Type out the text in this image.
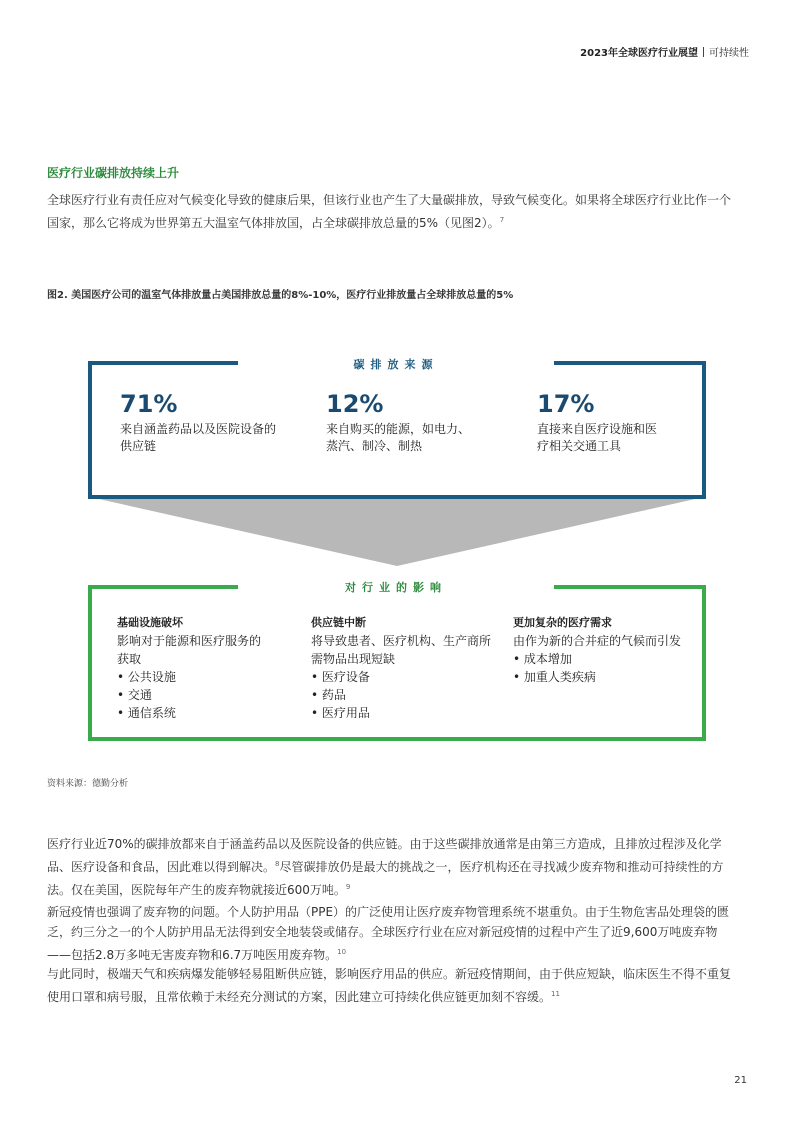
2023年全球医疗行业展望 可持续性
医疗行业碳排放持续上升

全球医疗行业有责任应对气候变化导致的健康后果，但该行业也产生了大量碳排放，导致气候变化。如果将全球医疗行业比作一个国家，那么它将成为世界第五大温室气体排放国，占全球碳排放总量的5%（见图2）。$^7$

图2. 美国医疗公司的温室气体排放量占美国排放总量的8%-10%，医疗行业排放量占全球排放总量的5%
碳排放来源
71%
来自涵盖药品以及医院设备的供应链
12%
来自购买的能源，如电力、蒸汽、制冷、制热
17%
直接来自医疗设施和医疗相关交通工具
对行业的影响
基础设施破坏
影响对于能源和医疗服务的获取
• 公共设施
• 交通
• 通信系统
供应链中断
将导致患者、医疗机构、生产商所需物品出现短缺
• 医疗设备
• 药品
• 医疗用品
更加复杂的医疗需求
由作为新的合并症的气候而引发
• 成本增加
• 加重人类疾病
资料来源：德勤分析

医疗行业近70%的碳排放都来自于涵盖药品以及医院设备的供应链。由于这些碳排放通常是由第三方造成，且排放过程涉及化学品、医疗设备和食品，因此难以得到解决。$^8$尽管碳排放仍是最大的挑战之一，医疗机构还在寻找减少废弃物和推动可持续性的方法。仅在美国，医院每年产生的废弃物就接近600万吨。$^9$

新冠疫情也强调了废弃物的问题。个人防护用品（PPE）的广泛使用让医疗废弃物管理系统不堪重负。由于生物危害品处理袋的匮乏，约三分之一的个人防护用品无法得到安全地装袋或储存。全球医疗行业在应对新冠疫情的过程中产生了近9,600万吨废弃物——包括2.8万多吨无害废弃物和6.7万吨医用废弃物。$^{10}$

与此同时，极端天气和疾病爆发能够轻易阻断供应链，影响医疗用品的供应。新冠疫情期间，由于供应短缺，临床医生不得不重复使用口罩和病号服，且常依赖于未经充分测试的方案，因此建立可持续化供应链更加刻不容缓。$^{11}$

21
